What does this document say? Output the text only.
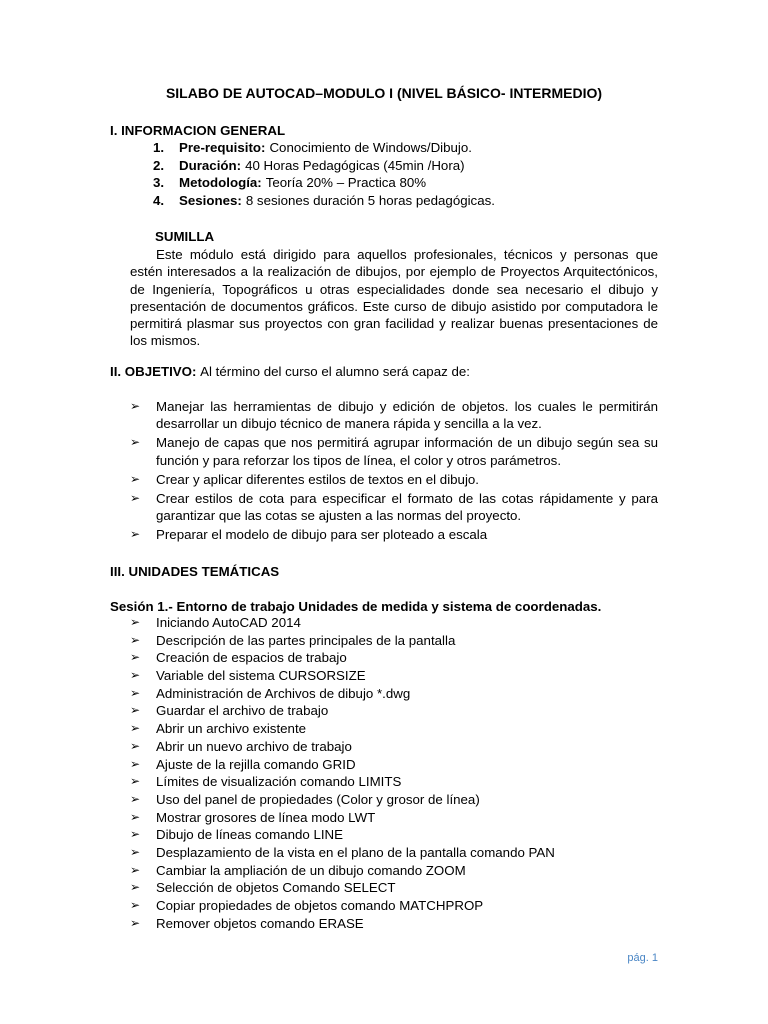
SILABO DE AUTOCAD–MODULO I (NIVEL BÁSICO- INTERMEDIO)
I. INFORMACION GENERAL
1.	Pre-requisito: Conocimiento de Windows/Dibujo.
2.	Duración: 40 Horas Pedagógicas (45min /Hora)
3.	Metodología: Teoría 20% – Practica 80%
4.	Sesiones: 8 sesiones duración 5 horas pedagógicas.
SUMILLA
Este módulo está dirigido para aquellos profesionales, técnicos y personas que estén interesados a la realización de dibujos, por ejemplo de Proyectos Arquitectónicos, de Ingeniería, Topográficos u otras especialidades donde sea necesario el dibujo y presentación de documentos gráficos. Este curso de dibujo asistido por computadora le permitirá plasmar sus proyectos con gran facilidad y realizar buenas presentaciones de los mismos.
II. OBJETIVO: Al término del curso el alumno será capaz de:
➢ Manejar las herramientas de dibujo y edición de objetos. los cuales le permitirán desarrollar un dibujo técnico de manera rápida y sencilla a la vez.
➢ Manejo de capas que nos permitirá agrupar información de un dibujo según sea su función y para reforzar los tipos de línea, el color y otros parámetros.
➢ Crear y aplicar diferentes estilos de textos en el dibujo.
➢ Crear estilos de cota para especificar el formato de las cotas rápidamente y para garantizar que las cotas se ajusten a las normas del proyecto.
➢ Preparar el modelo de dibujo para ser ploteado a escala
III. UNIDADES TEMÁTICAS
Sesión 1.- Entorno de trabajo Unidades de medida y sistema de coordenadas.
➢ Iniciando AutoCAD 2014
➢ Descripción de las partes principales de la pantalla
➢ Creación de espacios de trabajo
➢ Variable del sistema CURSORSIZE
➢ Administración de Archivos de dibujo *.dwg
➢ Guardar el archivo de trabajo
➢ Abrir un archivo existente
➢ Abrir un nuevo archivo de trabajo
➢ Ajuste de la rejilla comando GRID
➢ Límites de visualización comando LIMITS
➢ Uso del panel de propiedades (Color y grosor de línea)
➢ Mostrar grosores de línea modo LWT
➢ Dibujo de líneas comando LINE
➢ Desplazamiento de la vista en el plano de la pantalla comando PAN
➢ Cambiar la ampliación de un dibujo comando ZOOM
➢ Selección de objetos Comando SELECT
➢ Copiar propiedades de objetos comando MATCHPROP
➢ Remover objetos comando ERASE
pág. 1
